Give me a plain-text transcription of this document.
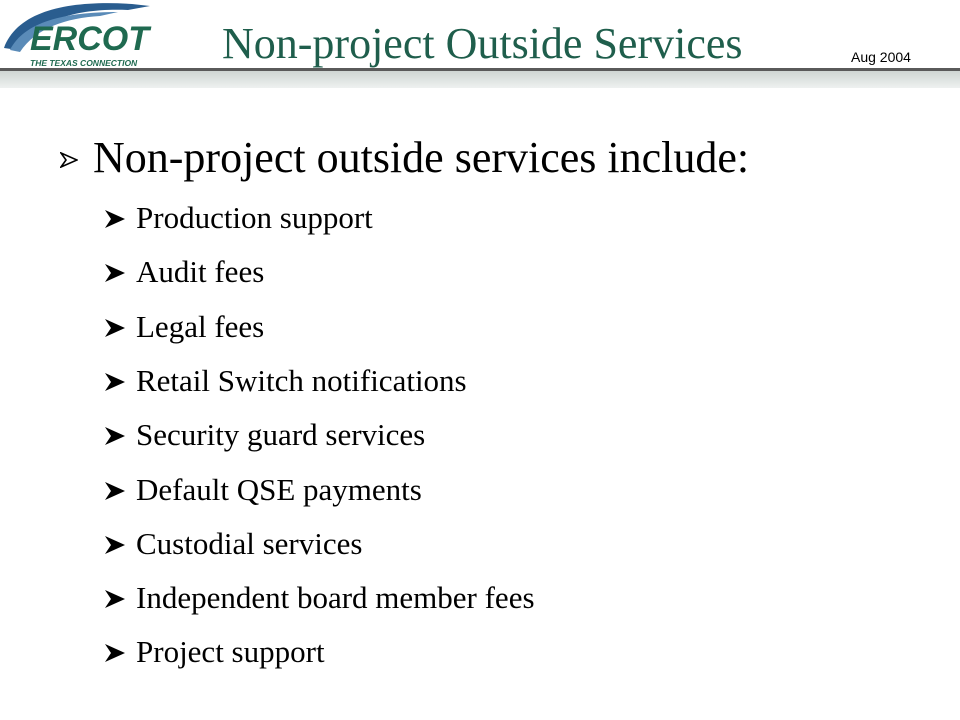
ERCOT
THE TEXAS CONNECTION Non-project Outside Services	Aug 2004
Non-project outside services include:
Production support
Audit fees
Legal fees
Retail Switch notifications
Security guard services
Default QSE payments
Custodial services
Independent board member fees
Project support
